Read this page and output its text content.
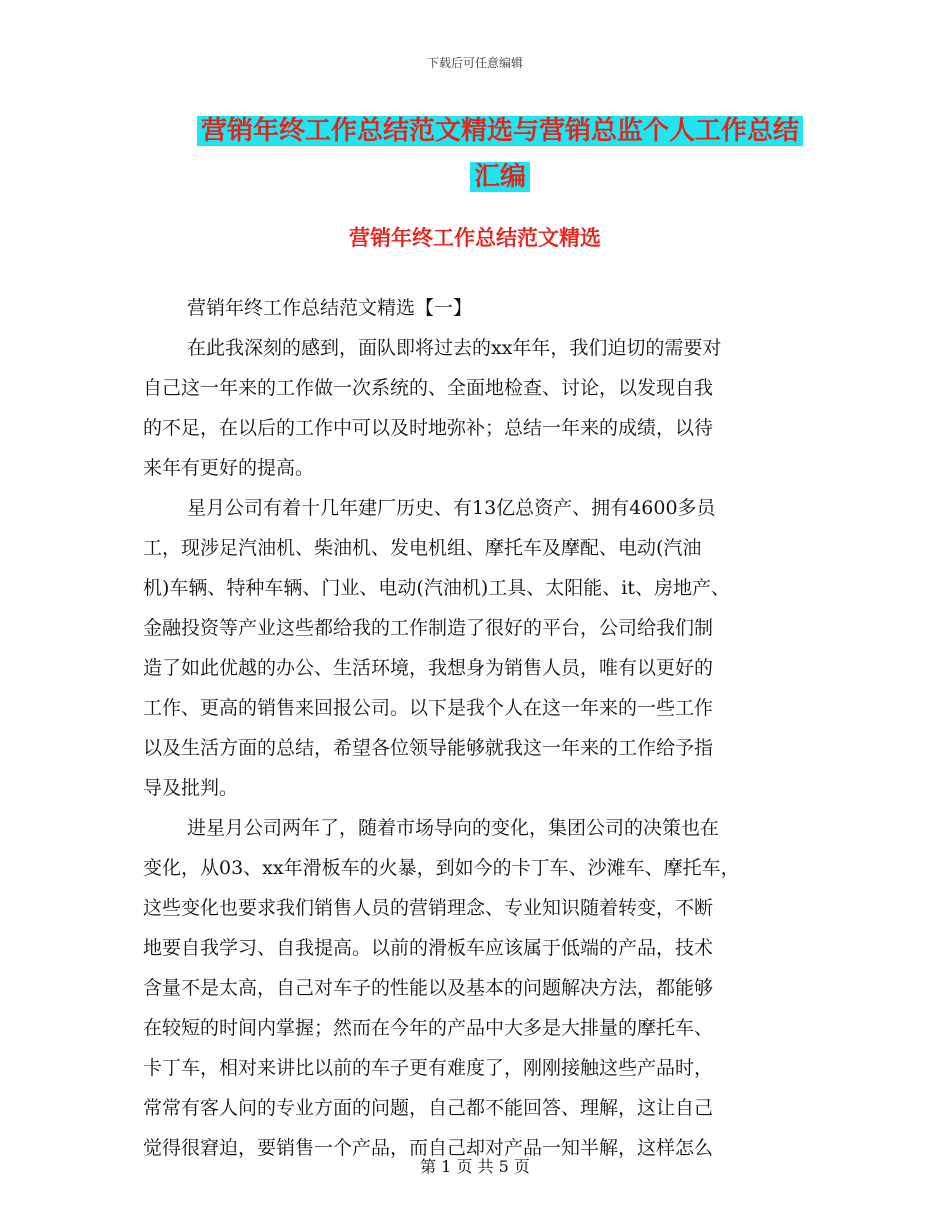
下载后可任意编辑
营销年终工作总结范文精选与营销总监个人工作总结
汇编
营销年终工作总结范文精选
营销年终工作总结范文精选【一】
在此我深刻的感到，面队即将过去的xx年年，我们迫切的需要对
自己这一年来的工作做一次系统的、全面地检查、讨论，以发现自我
的不足，在以后的工作中可以及时地弥补；总结一年来的成绩，以待
来年有更好的提高。
星月公司有着十几年建厂历史、有13亿总资产、拥有4600多员
工，现涉足汽油机、柴油机、发电机组、摩托车及摩配、电动(汽油
机)车辆、特种车辆、门业、电动(汽油机)工具、太阳能、it、房地产、
金融投资等产业这些都给我的工作制造了很好的平台，公司给我们制
造了如此优越的办公、生活环境，我想身为销售人员，唯有以更好的
工作、更高的销售来回报公司。以下是我个人在这一年来的一些工作
以及生活方面的总结，希望各位领导能够就我这一年来的工作给予指
导及批判。
进星月公司两年了，随着市场导向的变化，集团公司的决策也在
变化，从03、xx年滑板车的火暴，到如今的卡丁车、沙滩车、摩托车，
这些变化也要求我们销售人员的营销理念、专业知识随着转变，不断
地要自我学习、自我提高。以前的滑板车应该属于低端的产品，技术
含量不是太高，自己对车子的性能以及基本的问题解决方法，都能够
在较短的时间内掌握；然而在今年的产品中大多是大排量的摩托车、
卡丁车，相对来讲比以前的车子更有难度了，刚刚接触这些产品时，
常常有客人问的专业方面的问题，自己都不能回答、理解，这让自己
觉得很窘迫，要销售一个产品，而自己却对产品一知半解，这样怎么
第 1 页 共 5 页
